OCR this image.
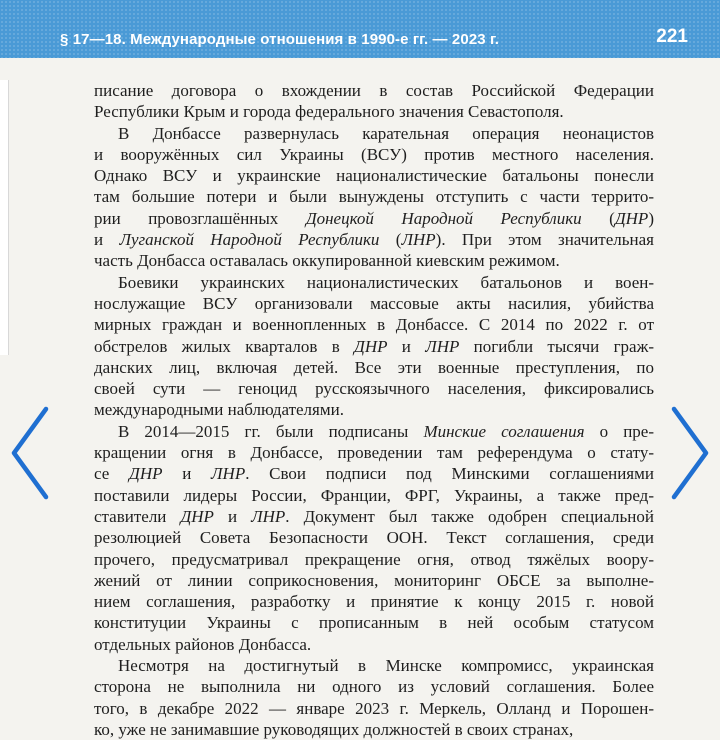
§ 17—18. Международные отношения в 1990-е гг. — 2023 г.	221
писание договора о вхождении в состав Российской Федерации
Республики Крым и города федерального значения Севастополя.
В Донбассе развернулась карательная операция неонацистов
и вооружённых сил Украины (ВСУ) против местного населения.
Однако ВСУ и украинские националистические батальоны понесли
там большие потери и были вынуждены отступить с части террито-
рии провозглашённых Донецкой Народной Республики (ДНР)
и Луганской Народной Республики (ЛНР). При этом значительная
часть Донбасса оставалась оккупированной киевским режимом.
Боевики украинских националистических батальонов и воен-
нослужащие ВСУ организовали массовые акты насилия, убийства
мирных граждан и военнопленных в Донбассе. С 2014 по 2022 г. от
обстрелов жилых кварталов в ДНР и ЛНР погибли тысячи граж-
данских лиц, включая детей. Все эти военные преступления, по
своей сути — геноцид русскоязычного населения, фиксировались
международными наблюдателями.
В 2014—2015 гг. были подписаны Минские соглашения о пре-
кращении огня в Донбассе, проведении там референдума о стату-
се ДНР и ЛНР. Свои подписи под Минскими соглашениями
поставили лидеры России, Франции, ФРГ, Украины, а также пред-
ставители ДНР и ЛНР. Документ был также одобрен специальной
резолюцией Совета Безопасности ООН. Текст соглашения, среди
прочего, предусматривал прекращение огня, отвод тяжёлых воору-
жений от линии соприкосновения, мониторинг ОБСЕ за выполне-
нием соглашения, разработку и принятие к концу 2015 г. новой
конституции Украины с прописанным в ней особым статусом
отдельных районов Донбасса.
Несмотря на достигнутый в Минске компромисс, украинская
сторона не выполнила ни одного из условий соглашения. Более
того, в декабре 2022 — январе 2023 г. Меркель, Олланд и Порошен-
ко, уже не занимавшие руководящих должностей в своих странах,
